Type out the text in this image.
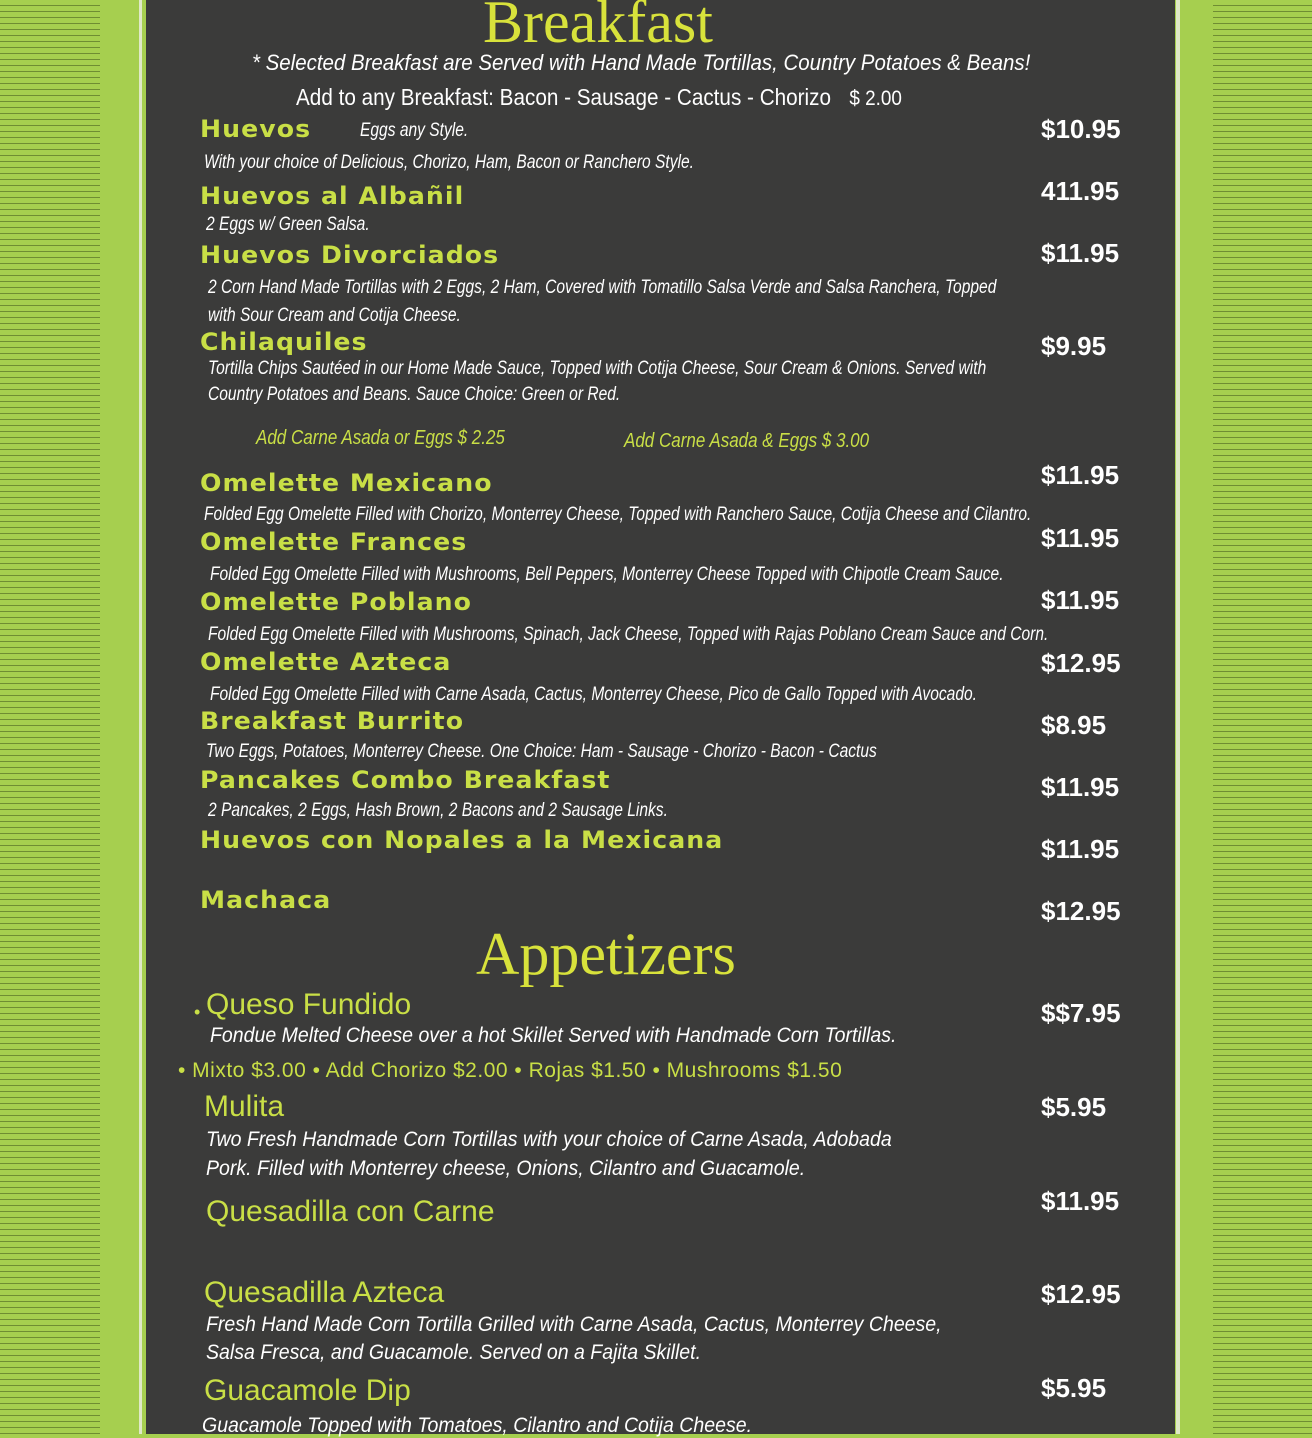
Breakfast
* Selected Breakfast are Served with Hand Made Tortillas, Country Potatoes & Beans!
Add to any Breakfast: Bacon - Sausage - Cactus - Chorizo $ 2.00
Huevos	Eggs any Style.
With your choice of Delicious, Chorizo, Ham, Bacon or Ranchero Style.
$10.95
Huevos al Albañil
2 Eggs w/ Green Salsa.
411.95
Huevos Divorciados
2 Corn Hand Made Tortillas with 2 Eggs, 2 Ham, Covered with Tomatillo Salsa Verde and Salsa Ranchera, Topped
with Sour Cream and Cotija Cheese.
$11.95
Chilaquiles
Tortilla Chips Sautéed in our Home Made Sauce, Topped with Cotija Cheese, Sour Cream & Onions. Served with
Country Potatoes and Beans. Sauce Choice: Green or Red.
$9.95
Add Carne Asada or Eggs $ 2.25	Add Carne Asada & Eggs $ 3.00
Omelette Mexicano
Folded Egg Omelette Filled with Chorizo, Monterrey Cheese, Topped with Ranchero Sauce, Cotija Cheese and Cilantro.
$11.95
Omelette Frances
Folded Egg Omelette Filled with Mushrooms, Bell Peppers, Monterrey Cheese Topped with Chipotle Cream Sauce.
$11.95
Omelette Poblano
Folded Egg Omelette Filled with Mushrooms, Spinach, Jack Cheese, Topped with Rajas Poblano Cream Sauce and Corn.
$11.95
Omelette Azteca
Folded Egg Omelette Filled with Carne Asada, Cactus, Monterrey Cheese, Pico de Gallo Topped with Avocado.
$12.95
Breakfast Burrito
Two Eggs, Potatoes, Monterrey Cheese. One Choice: Ham - Sausage - Chorizo - Bacon - Cactus
$8.95
Pancakes Combo Breakfast
2 Pancakes, 2 Eggs, Hash Brown, 2 Bacons and 2 Sausage Links.
$11.95
Huevos con Nopales a la Mexicana	$11.95
Machaca	$12.95
Appetizers
• Queso Fundido
Fondue Melted Cheese over a hot Skillet Served with Handmade Corn Tortillas.
$$7.95
• Mixto $3.00 • Add Chorizo $2.00 • Rojas $1.50 • Mushrooms $1.50
Mulita
Two Fresh Handmade Corn Tortillas with your choice of Carne Asada, Adobada
Pork. Filled with Monterrey cheese, Onions, Cilantro and Guacamole.
$5.95
Quesadilla con Carne	$11.95
Quesadilla Azteca
Fresh Hand Made Corn Tortilla Grilled with Carne Asada, Cactus, Monterrey Cheese,
Salsa Fresca, and Guacamole. Served on a Fajita Skillet.
$12.95
Guacamole Dip
Guacamole Topped with Tomatoes, Cilantro and Cotija Cheese.
$5.95
